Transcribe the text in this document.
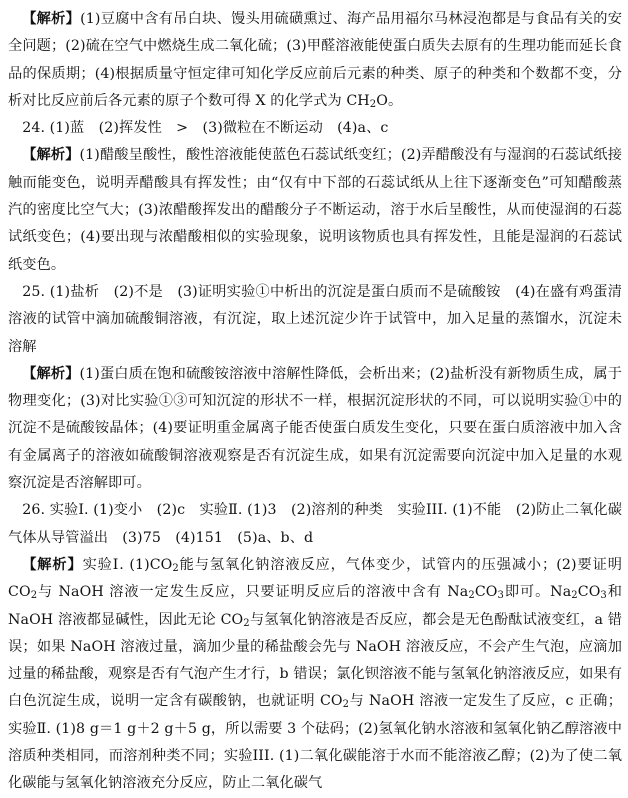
【解析】(1)豆腐中含有吊白块、馒头用硫磺熏过、海产品用福尔马林浸泡都是与食品有关的安全问题；(2)硫在空气中燃烧生成二氧化硫；(3)甲醛溶液能使蛋白质失去原有的生理功能而延长食品的保质期；(4)根据质量守恒定律可知化学反应前后元素的种类、原子的种类和个数都不变，分析对比反应前后各元素的原子个数可得 X 的化学式为 $CH_2O$。

24. (1)蓝　(2)挥发性　>　(3)微粒在不断运动　(4)a、c

【解析】(1)醋酸呈酸性，酸性溶液能使蓝色石蕊试纸变红；(2)弄醋酸没有与湿润的石蕊试纸接触而能变色，说明弄醋酸具有挥发性；由“仅有中下部的石蕊试纸从上往下逐渐变色”可知醋酸蒸汽的密度比空气大；(3)浓醋酸挥发出的醋酸分子不断运动，溶于水后呈酸性，从而使湿润的石蕊试纸变色；(4)要出现与浓醋酸相似的实验现象，说明该物质也具有挥发性，且能是湿润的石蕊试纸变色。

25. (1)盐析　(2)不是　(3)证明实验①中析出的沉淀是蛋白质而不是硫酸铵　(4)在盛有鸡蛋清溶液的试管中滴加硫酸铜溶液，有沉淀，取上述沉淀少许于试管中，加入足量的蒸馏水，沉淀未溶解

【解析】(1)蛋白质在饱和硫酸铵溶液中溶解性降低，会析出来；(2)盐析没有新物质生成，属于物理变化；(3)对比实验①③可知沉淀的形状不一样，根据沉淀形状的不同，可以说明实验①中的沉淀不是硫酸铵晶体；(4)要证明重金属离子能否使蛋白质发生变化，只要在蛋白质溶液中加入含有金属离子的溶液如硫酸铜溶液观察是否有沉淀生成，如果有沉淀需要向沉淀中加入足量的水观察沉淀是否溶解即可。

26. 实验Ⅰ. (1)变小　(2)c　实验Ⅱ. (1)3　(2)溶剂的种类　实验III. (1)不能　(2)防止二氧化碳气体从导管溢出　(3)75　(4)151　(5)a、b、d

【解析】实验Ⅰ. $(1)CO_2$能与氢氧化钠溶液反应，气体变少，试管内的压强减小；(2)要证明 $CO_2$与 NaOH 溶液一定发生反应，只要证明反应后的溶液中含有 $Na_2CO_3$即可。$Na_2CO_3$和 NaOH 溶液都显碱性，因此无论 $CO_2$与氢氧化钠溶液是否反应，都会是无色酚酞试液变红，a 错误；如果 NaOH 溶液过量，滴加少量的稀盐酸会先与 NaOH 溶液反应，不会产生气泡，应滴加过量的稀盐酸，观察是否有气泡产生才行，b 错误；氯化钡溶液不能与氢氧化钠溶液反应，如果有白色沉淀生成，说明一定含有碳酸钠，也就证明 $CO_2$与 NaOH 溶液一定发生了反应，c 正确；实验Ⅱ. (1)8 g＝1 g＋2 g＋5 g，所以需要 3 个砝码；(2)氢氧化钠水溶液和氢氧化钠乙醇溶液中溶质种类相同，而溶剂种类不同；实验III. (1)二氧化碳能溶于水而不能溶液乙醇；(2)为了使二氧化碳能与氢氧化钠溶液充分反应，防止二氧化碳气
